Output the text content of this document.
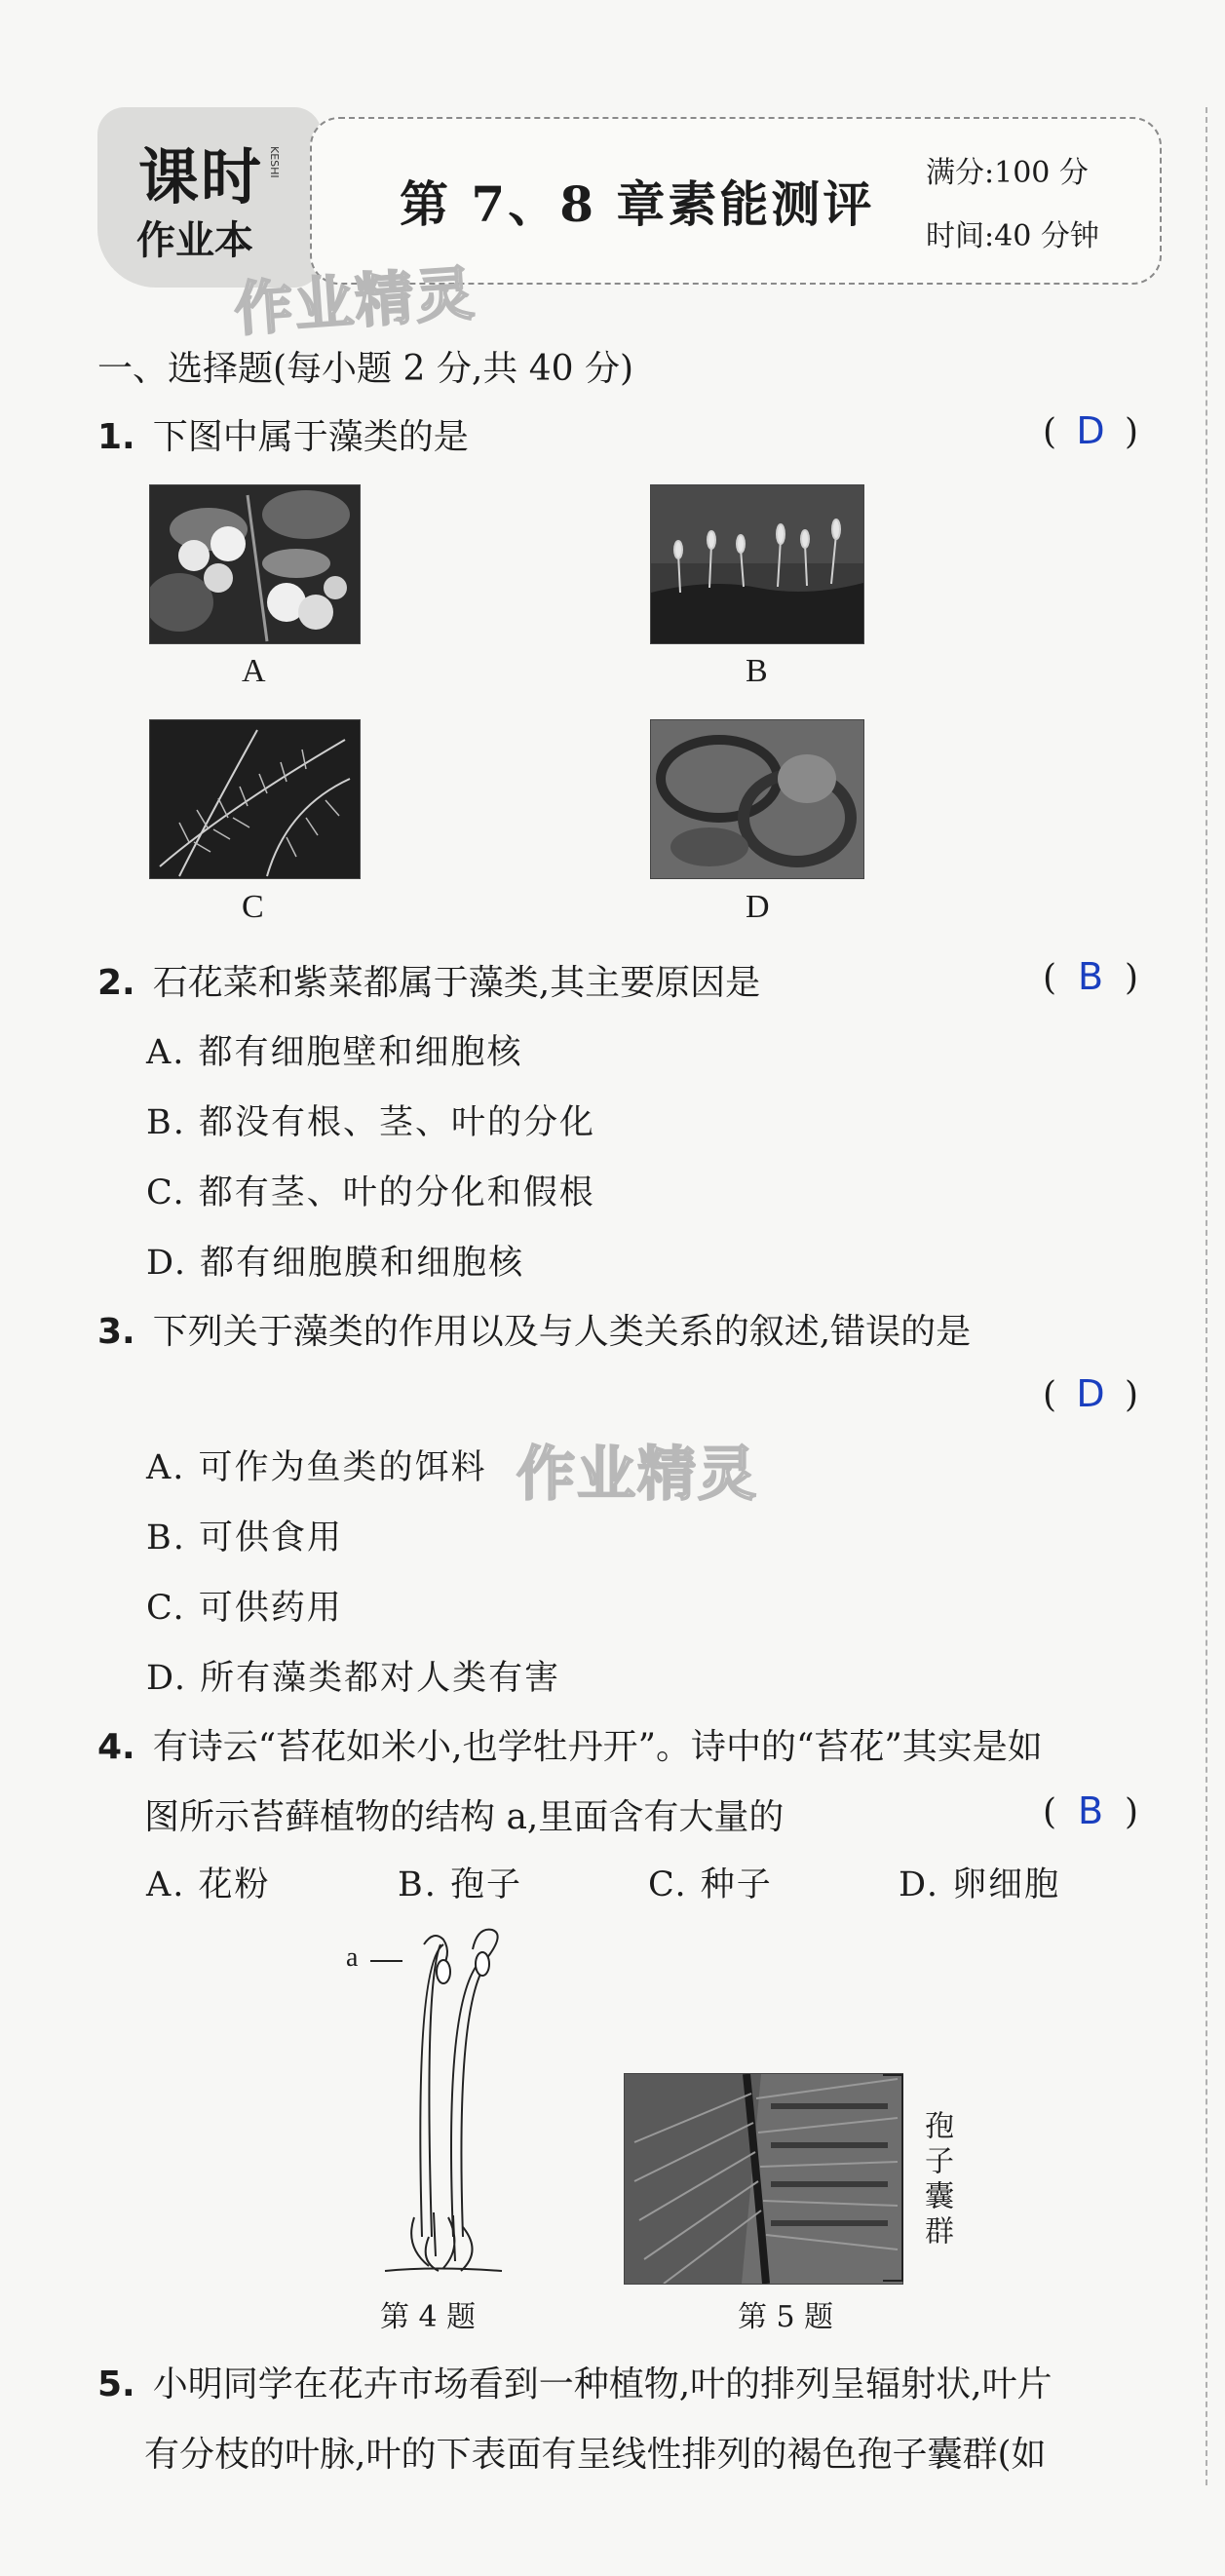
课时 KESHI
作业本
第 7、8 章素能测评
满分:100 分
时间:40 分钟
作业精灵
作业精灵
一、选择题(每小题 2 分,共 40 分)
1. 下图中属于藻类的是	( D )
A	B
C	D
2. 石花菜和紫菜都属于藻类,其主要原因是	( B )
A. 都有细胞壁和细胞核
B. 都没有根、茎、叶的分化
C. 都有茎、叶的分化和假根
D. 都有细胞膜和细胞核
3. 下列关于藻类的作用以及与人类关系的叙述,错误的是
( D )
A. 可作为鱼类的饵料
B. 可供食用
C. 可供药用
D. 所有藻类都对人类有害
4. 有诗云“苔花如米小,也学牡丹开”。诗中的“苔花”其实是如
图所示苔藓植物的结构 a,里面含有大量的	( B )
A. 花粉	B. 孢子	C. 种子	D. 卵细胞
a
孢子囊群
第 4 题	第 5 题
5. 小明同学在花卉市场看到一种植物,叶的排列呈辐射状,叶片
有分枝的叶脉,叶的下表面有呈线性排列的褐色孢子囊群(如
